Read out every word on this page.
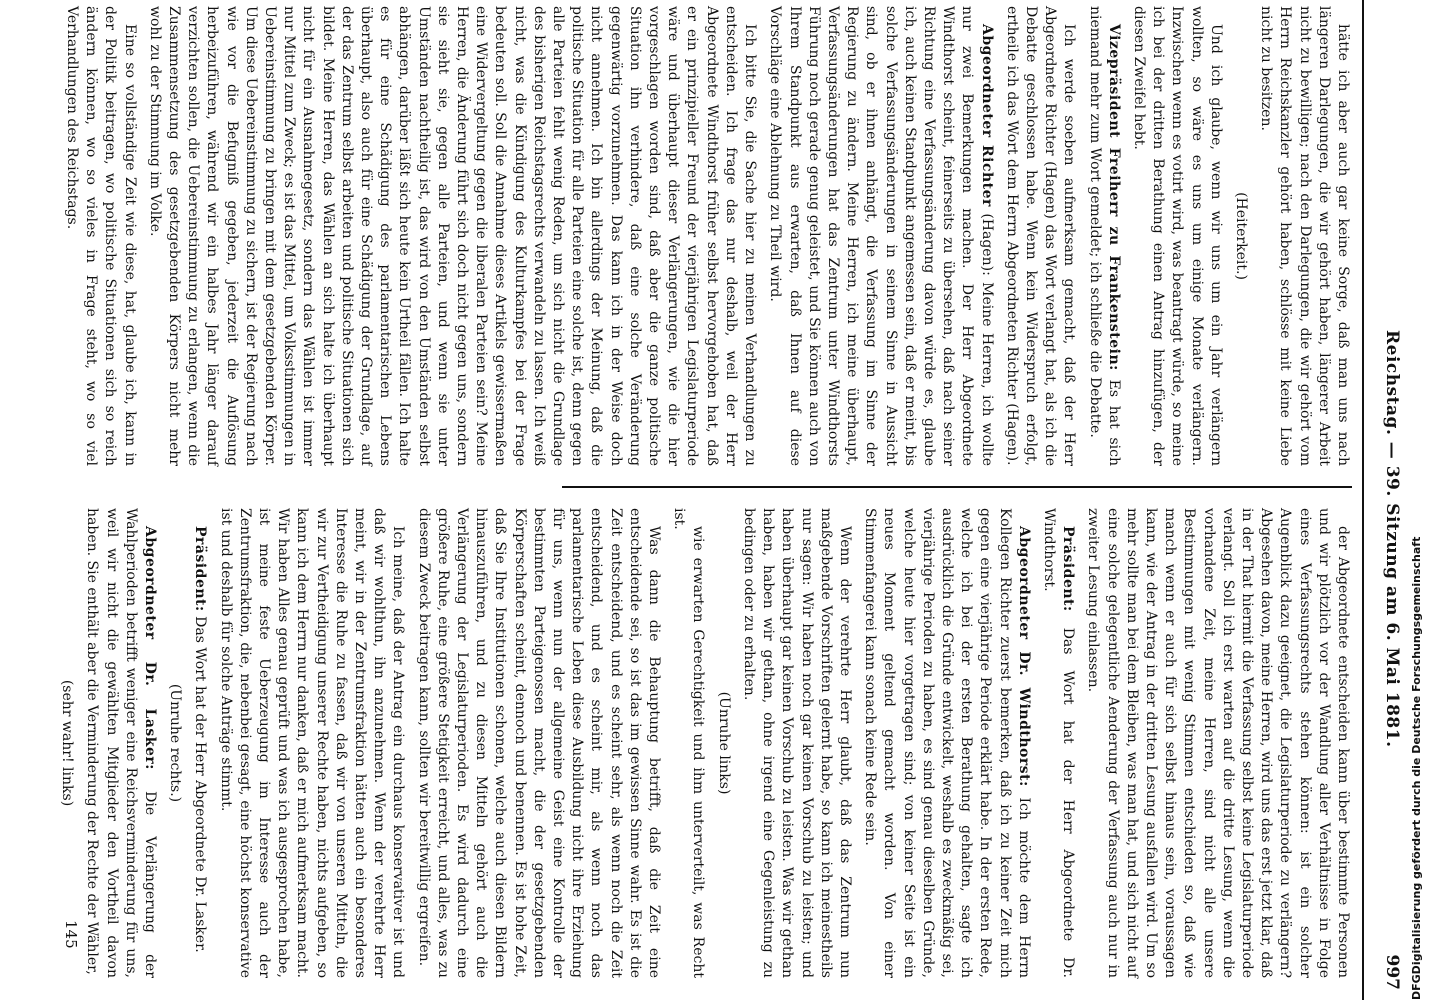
Reichstag. — 39. Sitzung am 6. Mai 1881.
997

hätte ich aber auch gar keine Sorge, daß man uns nach längeren Darlegungen, die wir gehört haben, längerer Arbeit nicht zu bewilligen; nach den Darlegungen, die wir gehört vom Herrn Reichskanzler gehört haben, schlösse mit keine Liebe nicht zu besitzen.

(Heiterkeit.)

Und ich glaube, wenn wir uns um ein Jahr verlängern wollten, so wäre es uns um einige Monate verlängern. Inzwischen wenn es votirt wird, was beantragt würde, so meine ich bei der dritten Berathung einen Antrag hinzufügen, der diesen Zweifel hebt.

Vizepräsident Freiherr zu Frankenstein: Es hat sich niemand mehr zum Wort gemeldet; ich schließe die Debatte.

Ich werde soeben aufmerksam gemacht, daß der Herr Abgeordnete Richter (Hagen) das Wort verlangt hat, als ich die Debatte geschlossen habe. Wenn kein Widerspruch erfolgt, ertheile ich das Wort dem Herrn Abgeordneten Richter (Hagen).

Abgeordneter Richter (Hagen): Meine Herren, ich wollte nur zwei Bemerkungen machen. Der Herr Abgeordnete Windthorst scheint, feinerseits zu übersehen, daß nach seiner Richtung eine Verfassungsänderung davon würde es, glaube ich, auch keinen Standpunkt angemessen sein, daß er meint, bis solche Verfassungsänderungen in seinem Sinne in Aussicht sind, ob er ihnen anhängt, die Verfassung im Sinne der Regierung zu ändern. Meine Herren, ich meine überhaupt, Verfassungsänderungen hat das Zentrum unter Windthorsts Führung noch gerade genug geleistet, und Sie können auch von Ihrem Standpunkt aus erwarten, daß Ihnen auf diese Vorschläge eine Ablehnung zu Theil wird.

Ich bitte Sie, die Sache hier zu meinen Verhandlungen zu entscheiden. Ich frage das nur deshalb, weil der Herr Abgeordnete Windthorst früher selbst hervorgehoben hat, daß er ein prinzipieller Freund der vierjährigen Legislaturperiode wäre und überhaupt dieser Verlängerungen, wie die hier vorgeschlagen worden sind, daß aber die ganze politische Situation ihn verhindere, daß eine solche Veränderung gegenwärtig vorzunehmen. Das kann ich in der Weise doch nicht annehmen. Ich bin allerdings der Meinung, daß die politische Situation für alle Parteien eine solche ist, denn gegen alle Parteien fehlt wenig Reden, um sich nicht die Grundlage des bisherigen Reichstagsrechts verwandeln zu lassen. Ich weiß nicht, was die Kündigung des Kulturkampfes bei der Frage bedeuten soll. Soll die Annahme dieses Artikels gewissermaßen eine Widervergeltung gegen die liberalen Parteien sein? Meine Herren, die Änderung führt sich doch nicht gegen uns, sondern sie sieht sie, gegen alle Parteien, und wenn sie unter Umständen nachtheilig ist, das wird von den Umständen selbst abhängen, darüber läßt sich heute kein Urtheil fällen. Ich halte es für eine Schädigung des parlamentarischen Lebens überhaupt, also auch für eine Schädigung der Grundlage, auf der das Zentrum selbst arbeiten und politische Situationen sich bildet. Meine Herren, das Wählen an sich halte ich überhaupt nicht für ein Ausnahmegesetz, sondern das Wählen ist immer nur Mittel zum Zweck; es ist das Mittel, um Volksstimmungen in Uebereinstimmung zu bringen mit dem gesetzgebenden Körper. Um diese Uebereinstimmung zu sichern, ist der Regierung nach wie vor die Befugniß gegeben, jederzeit die Auflösung herbeizuführen, während wir ein halbes Jahr länger darauf verzichten sollen, die Uebereinstimmung zu erlangen, wenn die Zusammensetzung des gesetzgebenden Körpers nicht mehr wohl zu der Stimmung im Volke.

Eine so vollständige Zeit wie diese, hat, glaube ich, kann in der Politik beitragen, wo politische Situationen sich so reich ändern können, wo so vieles in Frage steht, wo so viel Verhandlungen des Reichstags.

der Abgeordnete entscheiden kann über bestimmte Personen und wir plötzlich vor der Wandlung aller Verhältnisse in Folge eines Verfassungsrechts stehen können: ist ein solcher Augenblick dazu geeignet, die Legislaturperiode zu verlängern? Abgesehen davon, meine Herren, wird uns das erst jetzt klar, daß in der That hiermit die Verfassung selbst keine Legislaturperiode verlangt. Soll ich erst warten auf die dritte Lesung, wenn die vorhandene Zeit, meine Herren, sind nicht alle unsere Bestimmungen mit wenig Stimmen entschieden so, daß wie manch wenn er auch für sich selbst hinaus sein, voraussagen kann, wie der Antrag in der dritten Lesung ausfallen wird. Um so mehr sollte man bei dem Bleiben, was man hat, und sich nicht auf eine solche gelegentliche Aenderung der Verfassung auch nur in zweiter Lesung einlassen.

Präsident: Das Wort hat der Herr Abgeordnete Dr. Windthorst.

Abgeordneter Dr. Windthorst: Ich möchte dem Herrn Kollegen Richter zuerst bemerken, daß ich zu keiner Zeit mich gegen eine vierjährige Periode erklärt habe. In der ersten Rede, welche ich bei der ersten Berathung gehalten, sagte ich ausdrücklich die Gründe entwickelt, weshalb es zweckmäßig sei, vierjährige Perioden zu haben, es sind genau dieselben Gründe, welche heute hier vorgetragen sind; von keiner Seite ist ein neues Moment geltend gemacht worden. Von einer Stimmenfangerei kann sonach keine Rede sein.

Wenn der verehrte Herr glaubt, daß das Zentrum nun maßgebende Vorschriften gelernt habe, so kann ich meinestheils nur sagen: Wir haben noch gar keinen Vorschub zu leisten; und haben überhaupt gar keinen Vorschub zu leisten. Was wir gethan haben, haben wir gethan, ohne irgend eine Gegenleistung zu bedingen oder zu erhalten.

(Unruhe links)

wie erwarten Gerechtigkeit und ihm unterverteilt, was Recht ist.

Was dann die Behauptung betrifft, daß die Zeit eine entscheidende sei, so ist das im gewissen Sinne wahr. Es ist die Zeit entscheidend, und es scheint sehr, als wenn noch die Zeit entscheidend, und es scheint mir, als wenn noch das parlamentarische Leben diese Ausbildung nicht ihre Erziehung für uns, wenn nun der allgemeine Geist eine Kontrolle der bestimmten Parteigenossen macht, die der gesetzgebenden Körperschaften scheint, dennoch und benennen. Es ist hohe Zeit, daß Sie Ihre Institutionen schonen, welche auch diesen Bildern hinauszuführen, und zu diesen Mitteln gehört auch die Verlängerung der Legislaturperioden. Es wird dadurch eine größere Ruhe, eine größere Stetigkeit erreicht, und alles, was zu diesem Zweck beitragen kann, sollten wir bereitwillig ergreifen.

Ich meine, daß der Antrag ein durchaus konservativer ist und daß wir wohlthun, ihn anzunehmen. Wenn der verehrte Herr meint, wir in der Zentrumsfraktion hätten auch ein besonderes Interesse die Ruhe zu fassen, daß wir von unseren Mitteln, die wir zur Vertheidigung unserer Rechte haben, nichts aufgeben, so kann ich dem Herrn nur danken, daß er mich aufmerksam macht. Wir haben Alles genau geprüft und was ich ausgesprochen habe, ist meine feste Ueberzeugung im Interesse auch der Zentrumsfraktion, die, nebenbei gesagt, eine höchst konservative ist und deshalb für solche Anträge stimmt.

Präsident: Das Wort hat der Herr Abgeordnete Dr. Lasker.

(Unruhe rechts.)

Abgeordneter Dr. Lasker: Die Verlängerung der Wahlperioden betrifft weniger eine Reichsverminderung für uns, weil wir nicht die gewählten Mitglieder den Vortheil davon haben. Sie enthält aber die Verminderung der Rechte der Wähler,

(sehr wahr! links)

145
DFGDigitalisierung gefördert durch die Deutsche Forschungsgemeinschaft
